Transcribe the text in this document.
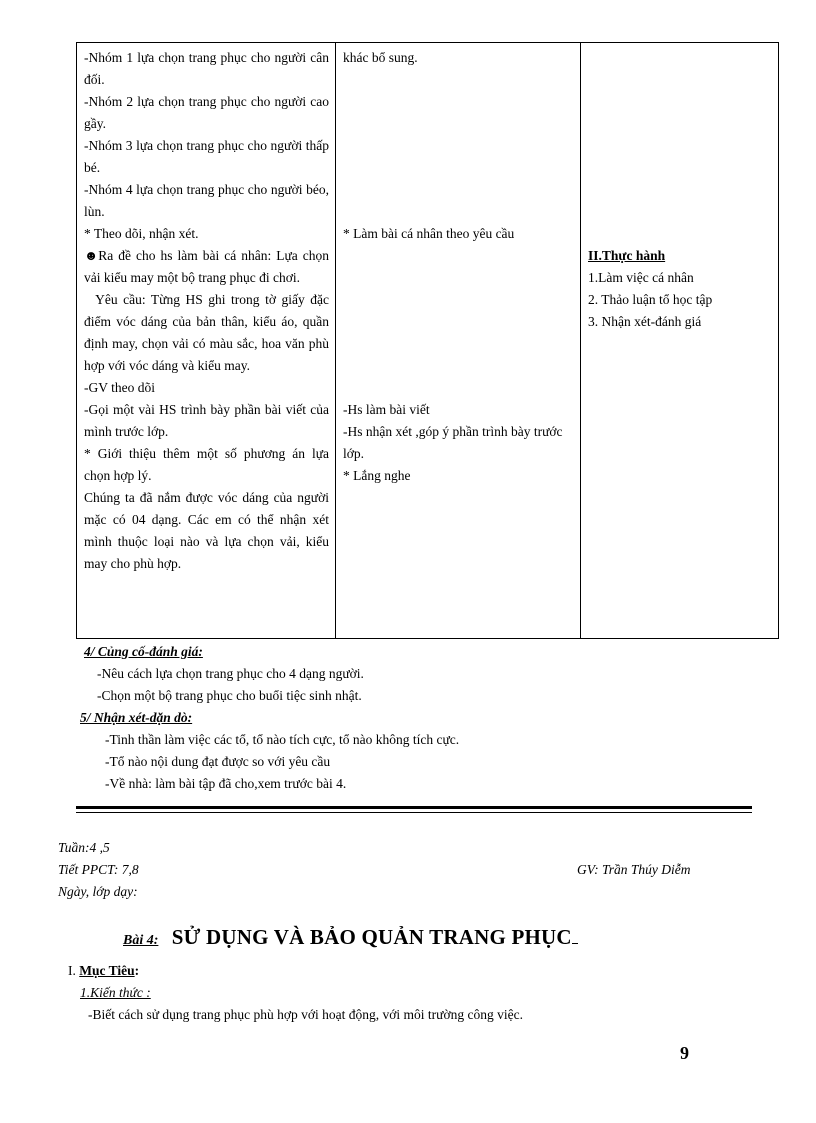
-Nhóm 1 lựa chọn trang phục cho người cân đối.
-Nhóm 2 lựa chọn trang phục cho người cao gầy.
-Nhóm 3 lựa chọn trang phục cho người thấp bé.
-Nhóm 4 lựa chọn trang phục cho người béo, lùn.
* Theo dõi, nhận xét.
☻Ra đề cho hs làm bài cá nhân: Lựa chọn vải kiểu may một bộ trang phục đi chơi.
Yêu cầu: Từng HS ghi trong tờ giấy đặc điểm vóc dáng của bản thân, kiểu áo, quần định may, chọn vải có màu sắc, hoa văn phù hợp với vóc dáng và kiểu may.
-GV theo dõi
-Gọi một vài HS trình bày phần bài viết của mình trước lớp.
* Giới thiệu thêm một số phương án lựa chọn hợp lý.
Chúng ta đã nắm được vóc dáng của người mặc có 04 dạng. Các em có thể nhận xét mình thuộc loại nào và lựa chọn vải, kiểu may cho phù hợp.

khác bổ sung.
* Làm bài cá nhân theo yêu cầu
-Hs làm bài viết
-Hs nhận xét ,góp ý phần trình bày trước lớp.
* Lắng nghe

II.Thực hành
1.Làm việc cá nhân
2. Thảo luận tổ học tập
3. Nhận xét-đánh giá
4/ Củng cố-đánh giá:
-Nêu cách lựa chọn trang phục cho 4 dạng người.
-Chọn một bộ trang phục cho buổi tiệc sinh nhật.
5/ Nhận xét-dặn dò:
-Tinh thần làm việc các tổ, tổ nào tích cực, tổ nào không tích cực.
-Tổ nào nội dung đạt được so với yêu cầu
-Về nhà: làm bài tập đã cho,xem trước bài 4.
Tuần:4 ,5
Tiết PPCT: 7,8	GV: Trần Thúy Diễm
Ngày, lớp dạy:
Bài 4: SỬ DỤNG VÀ BẢO QUẢN TRANG PHỤC
I. Mục Tiêu:
1.Kiến thức :
-Biết cách sử dụng trang phục phù hợp với hoạt động, với môi trường công việc.
9
